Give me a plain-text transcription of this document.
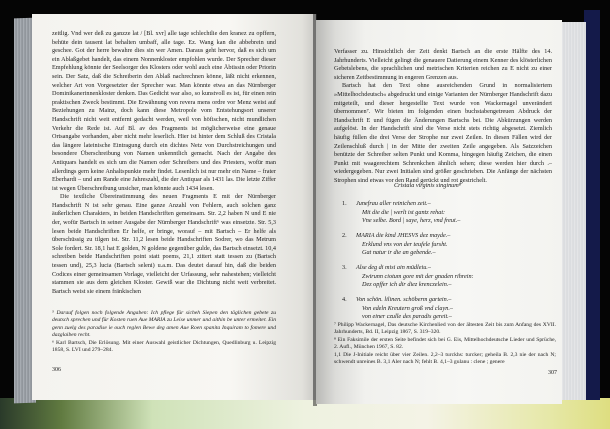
zeitlig. Vnd wer deß zu ganzze lat / [Bl. xvr] alle tage schlechtlie den kranez zu opffern, behüte dein tausent lat behalten umbaff, alle tage. Ez. Wang kan die abbebrein und geschee. Got der herre bewahre dies sin wer Amen. Daraus geht hervor, daß es sich um ein Ablaßgebet handelt, das einem Nonnenkloster empfohlen wurde. Der Sprecher dieser Empfehlung könnte der Seelsorger des Klosters oder wohl auch eine Äbtissin oder Priorin sein. Der Satz, daß die Schreiberin den Ablaß nachrechnen könne, läßt nicht erkennen, welcher Art von Vorgesetzter der Sprecher war. Man könnte etwa an das Nürnberger Dominikanerinnenkloster denken. Das Gedicht war also, so kunstvoll es ist, für einen rein praktischen Zweck bestimmt. Die Erwähnung von revera mens ordre vor Menz weist auf Beziehungen zu Mainz, doch kann diese Metropole vom Entstehungsort unserer Handschrift nicht weit entfernt gedacht werden, weil von höfischen, nicht mundlichen Verkehr die Rede ist. Auf Bl. av des Fragments ist möglicherweise eine genaue Ortsangabe vorhanden, aber nicht mehr leserlich. Hier ist hinter dem Schluß des Cristala das längere lateinische Eintragung durch ein dichtes Netz von Durchstreichungen und besondere Überschreibung von Namen unkenntlich gemacht. Nach der Angabe des Antiquars handelt es sich um die Namen oder Schreibers und des Priesters, wofür man allerdings gern keine Anhaltspunkte mehr findet. Lesenlich ist nur mehr ein Name – frater Eberhardi – und am Rande eine Jahreszahl, die der Antiquar als 1431 las. Die letzte Ziffer ist wegen Überschreibung unsicher, man könnte auch 1434 lesen.

Die textliche Übereinstimmung des neuen Fragments E mit der Nürnberger Handschrift N ist sehr genau. Eine ganze Anzahl von Fehlern, auch solchen ganz äußerlichen Charakters, in beiden Handschriften gemeinsam. Str. 2,2 haben N und E nie der, wofür Bartsch in seiner Ausgabe der Nürnberger Handschrift⁶ was einsetzte. Str. 5,3 lesen beide Handschriften Er helfe, er bringe, worauf – mit Bartsch – Er helfe als überschüssig zu tilgen ist. Str. 11,2 lesen beide Handschriften Sodrer, wo das Metrum Sole fordert. Str. 18,1 hat E golden, N goldene gegenüber gulde, das Bartsch einsetzt. 10,4 schreiben beide Handschriften point statt poems, 21,1 zittert statt tessen zu (Bartsch tessen und), 25,3 lucia (Bartsch seleni) u.a.m. Das deutet darauf hin, daß die beiden Codices einer gemeinsamen Vorlage, vielleicht der Urfassung, sehr nahestehen; vielleicht stammen sie aus dem gleichen Kloster. Gewiß war die Dichtung nicht weit verbreitet. Bartsch weist sie einem fränkischen

⁵ Darauf folgen noch folgende Angaben: Ich pflege für sicheh Siepen den täglichen gebete zu deutsch sprechen und für Kosten ruen Aue MARIA zu Leise unmer und aithin be unter ermeiter. Ein genn zuelg des paradise ie ouch reglen Bewe deg amen Aue Roen spanita Inquiram to fomere und dazglaiben recht.
⁶ Karl Bartsch, Die Erlösung. Mit einer Auswahl geistlicher Dichtungen, Quedlinburg u. Leipzig 1858, S. LVI und 279–284.
306

Verfasser zu. Hinsichtlich der Zeit denkt Bartsch an die erste Hälfte des 14. Jahrhunderts. Vielleicht gelingt die genauere Datierung einem Kenner des klösterlichen Gebetslebens, die sprachlichen und metrischen Kriterien reichen zu E nicht zu einer sicheren Zeitbestimmung in engeren Grenzen aus.

Bartsch hat den Text ohne ausreichenden Grund in normalisiertem »Mittelhochdeutsch« abgedruckt und einige Varianten der Nürnberger Handschrift dazu mitgeteilt, und dieser hergestellte Text wurde von Wackernagel unverändert übernommen⁷. Wir bieten im folgenden einen buchstabengetreuen Abdruck der Handschrift E und fügen die Änderungen Bartschs bei. Die Abkürzungen werden aufgelöst. In der Handschrift sind die Verse nicht stets richtig abgesetzt. Ziemlich häufig füllen die drei Verse der Strophe nur zwei Zeilen. In diesen Fällen wird der Zeilenschluß durch | in der Mitte der zweiten Zeile angegeben. Als Satzzeichen benützte der Schreiber selten Punkt und Komma, hingegen häufig Zeichen, die einen Punkt mit waagerechtem Schrenkchen ähnlich sehen; diese werden hier durch .– wiedergegeben. Nur zwei Initialen sind größer geschrieben. Die Anfänge der nächsten Strophen sind etwas vor den Rand gerückt und rot gestrichelt.

Cristala virginis singinum⁸
1. Junefrau aller reinichen zeit.–
Mit die die | werlt ist gantz rehat:
Vne selbe. Bord | saye, herz, vnd freut.–
2. MARIA die kind JHESVS dez mayde.–
Erklund vns von der teufele fursht.
Gat natur ir die an gebende.–
3. Alse deg di misi ain müdleiu.–
Zwirunn ciotum gore mit der gnaden rihrein:
Dez opffer ich dir diez krenczelein.–
4. Von schön. lilinen. schöberm gartein.–
Von edeln Kreutern groß vnd clayn.–
von einer czulle des paradis gereit.–
⁷ Philipp Wackernagel, Das deutsche Kirchenlied von der ältesten Zeit bis zum Anfang des XVII. Jahrhunderts, Bd. II, Leipzig 1867, S. 319–320.
⁸ Ein Faksimile der ersten Seite befindet sich bei G. Eis, Mittelhochdeutsche Lieder und Sprüche, 2. Aufl., München 1967, S. 82.
1,1 Die J-Initiale reicht über vier Zeilen. 2,2–3 turckhs: turcker; geheila B. 2,3 nie der nach N; schwendt unreines B. 3,1 Aler nach N; fehlt B. 4,1–3 gulanu : clene ; genere
307
